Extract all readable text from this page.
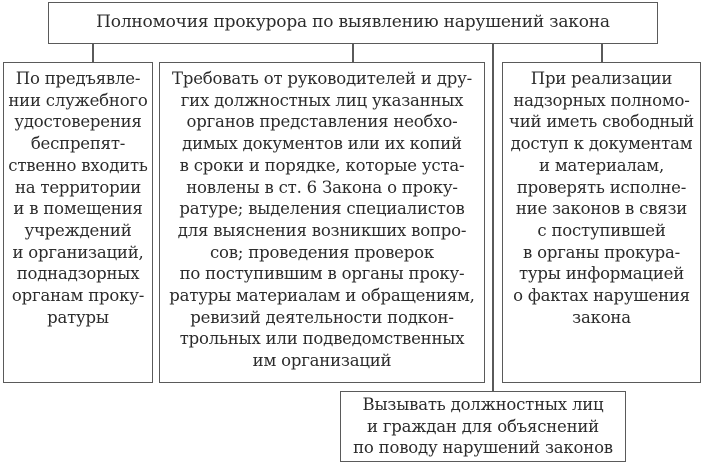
Полномочия прокурора по выявлению нарушений закона
По предъявле-
нии служебного
удостоверения
беспрепят-
ственно входить
на территории
и в помещения
учреждений
и организаций,
поднадзорных
органам проку-
ратуры
Требовать от руководителей и дру-
гих должностных лиц указанных
органов представления необхо-
димых документов или их копий
в сроки и порядке, которые уста-
новлены в ст. 6 Закона о проку-
ратуре; выделения специалистов
для выяснения возникших вопро-
сов; проведения проверок
по поступившим в органы проку-
ратуры материалам и обращениям,
ревизий деятельности подкон-
трольных или подведомственных
им организаций
При реализации
надзорных полномо-
чий иметь свободный
доступ к документам
и материалам,
проверять исполне-
ние законов в связи
с поступившей
в органы прокура-
туры информацией
о фактах нарушения
закона
Вызывать должностных лиц
и граждан для объяснений
по поводу нарушений законов
